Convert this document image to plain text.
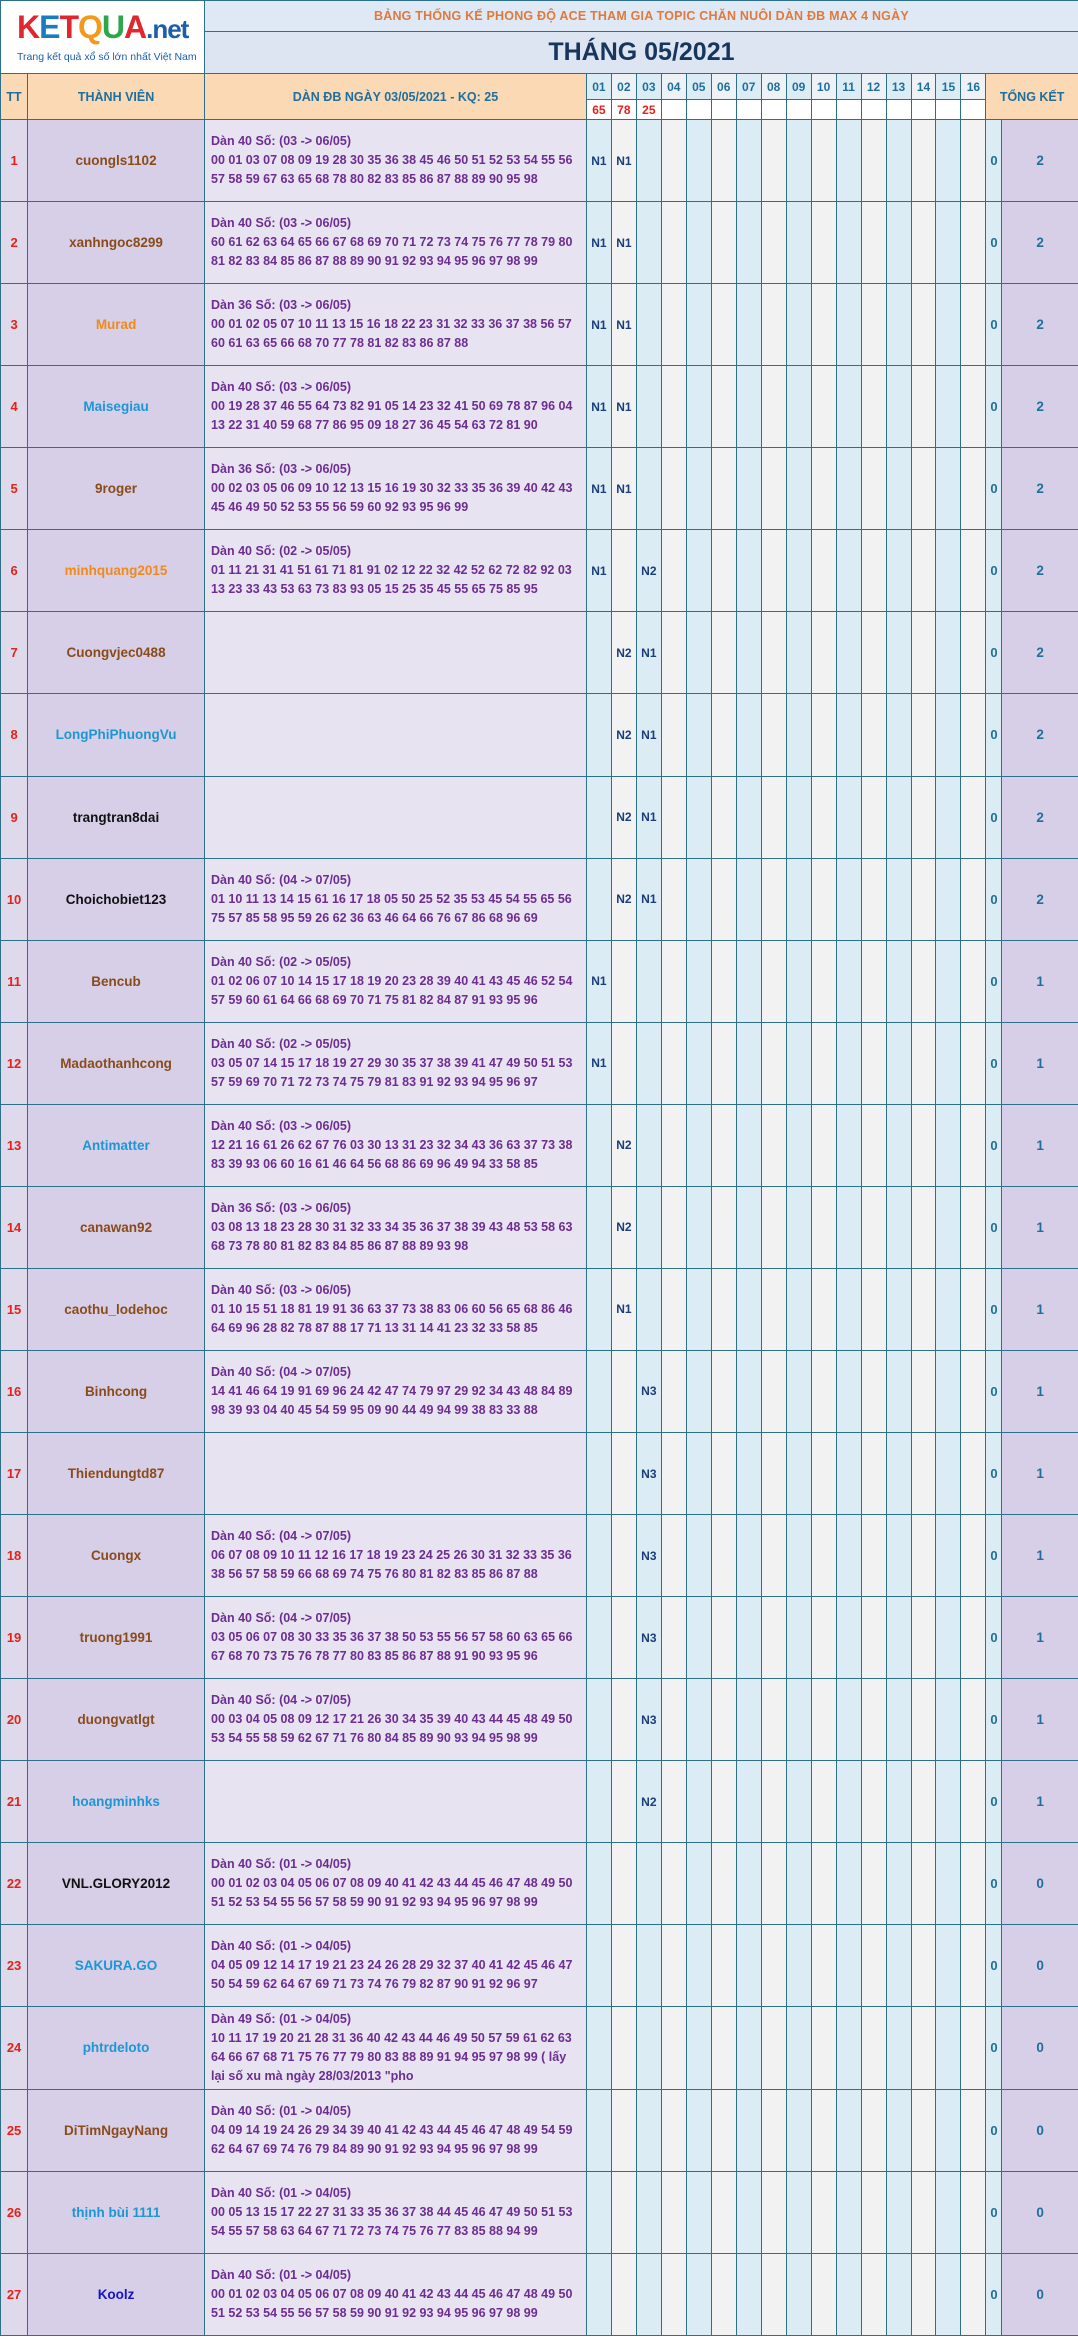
KETQUA.net
Trang kết quả xổ số lớn nhất Việt Nam		BẢNG THỐNG KẾ PHONG ĐỘ ACE THAM GIA TOPIC CHĂN NUÔI DÀN ĐB MAX 4 NGÀY																		
		THÁNG 05/2021																		
TT	THÀNH VIÊN	DÀN ĐB NGÀY 03/05/2021 - KQ: 25	01	02	03	04	05	06	07	08	09	10	11	12	13	14	15	16	TỔNG KẾT	
			65	78	25															
1	cuongls1102	Dàn 40 Số: (03 -> 06/05)
00 01 03 07 08 09 19 28 30 35 36 38 45 46 50 51 52 53 54 55 56 57 58 59 67 63 65 68 78 80 82 83 85 86 87 88 89 90 95 98	N1	N1															0	2
2	xanhngoc8299	Dàn 40 Số: (03 -> 06/05)
60 61 62 63 64 65 66 67 68 69 70 71 72 73 74 75 76 77 78 79 80 81 82 83 84 85 86 87 88 89 90 91 92 93 94 95 96 97 98 99	N1	N1															0	2
3	Murad	Dàn 36 Số: (03 -> 06/05)
00 01 02 05 07 10 11 13 15 16 18 22 23 31 32 33 36 37 38 56 57 60 61 63 65 66 68 70 77 78 81 82 83 86 87 88	N1	N1															0	2
4	Maisegiau	Dàn 40 Số: (03 -> 06/05)
00 19 28 37 46 55 64 73 82 91 05 14 23 32 41 50 69 78 87 96 04 13 22 31 40 59 68 77 86 95 09 18 27 36 45 54 63 72 81 90	N1	N1															0	2
5	9roger	Dàn 36 Số: (03 -> 06/05)
00 02 03 05 06 09 10 12 13 15 16 19 30 32 33 35 36 39 40 42 43 45 46 49 50 52 53 55 56 59 60 92 93 95 96 99	N1	N1															0	2
6	minhquang2015	Dàn 40 Số: (02 -> 05/05)
01 11 21 31 41 51 61 71 81 91 02 12 22 32 42 52 62 72 82 92 03 13 23 33 43 53 63 73 83 93 05 15 25 35 45 55 65 75 85 95	N1		N2														0	2
7	Cuongvjec0488			N2	N1														0	2
8	LongPhiPhuongVu			N2	N1														0	2
9	trangtran8dai			N2	N1														0	2
10	Choichobiet123	Dàn 40 Số: (04 -> 07/05)
01 10 11 13 14 15 61 16 17 18 05 50 25 52 35 53 45 54 55 65 56 75 57 85 58 95 59 26 62 36 63 46 64 66 76 67 86 68 96 69		N2	N1														0	2
11	Bencub	Dàn 40 Số: (02 -> 05/05)
01 02 06 07 10 14 15 17 18 19 20 23 28 39 40 41 43 45 46 52 54 57 59 60 61 64 66 68 69 70 71 75 81 82 84 87 91 93 95 96	N1																0	1
12	Madaothanhcong	Dàn 40 Số: (02 -> 05/05)
03 05 07 14 15 17 18 19 27 29 30 35 37 38 39 41 47 49 50 51 53 57 59 69 70 71 72 73 74 75 79 81 83 91 92 93 94 95 96 97	N1																0	1
13	Antimatter	Dàn 40 Số: (03 -> 06/05)
12 21 16 61 26 62 67 76 03 30 13 31 23 32 34 43 36 63 37 73 38 83 39 93 06 60 16 61 46 64 56 68 86 69 96 49 94 33 58 85		N2															0	1
14	canawan92	Dàn 36 Số: (03 -> 06/05)
03 08 13 18 23 28 30 31 32 33 34 35 36 37 38 39 43 48 53 58 63 68 73 78 80 81 82 83 84 85 86 87 88 89 93 98		N2															0	1
15	caothu_lodehoc	Dàn 40 Số: (03 -> 06/05)
01 10 15 51 18 81 19 91 36 63 37 73 38 83 06 60 56 65 68 86 46 64 69 96 28 82 78 87 88 17 71 13 31 14 41 23 32 33 58 85		N1															0	1
16	Binhcong	Dàn 40 Số: (04 -> 07/05)
14 41 46 64 19 91 69 96 24 42 47 74 79 97 29 92 34 43 48 84 89 98 39 93 04 40 45 54 59 95 09 90 44 49 94 99 38 83 33 88			N3														0	1
17	Thiendungtd87				N3														0	1
18	Cuongx	Dàn 40 Số: (04 -> 07/05)
06 07 08 09 10 11 12 16 17 18 19 23 24 25 26 30 31 32 33 35 36 38 56 57 58 59 66 68 69 74 75 76 80 81 82 83 85 86 87 88			N3														0	1
19	truong1991	Dàn 40 Số: (04 -> 07/05)
03 05 06 07 08 30 33 35 36 37 38 50 53 55 56 57 58 60 63 65 66 67 68 70 73 75 76 78 77 80 83 85 86 87 88 91 90 93 95 96			N3														0	1
20	duongvatlgt	Dàn 40 Số: (04 -> 07/05)
00 03 04 05 08 09 12 17 21 26 30 34 35 39 40 43 44 45 48 49 50 53 54 55 58 59 62 67 71 76 80 84 85 89 90 93 94 95 98 99			N3														0	1
21	hoangminhks				N2														0	1
22	VNL.GLORY2012	Dàn 40 Số: (01 -> 04/05)
00 01 02 03 04 05 06 07 08 09 40 41 42 43 44 45 46 47 48 49 50 51 52 53 54 55 56 57 58 59 90 91 92 93 94 95 96 97 98 99																	0	0
23	SAKURA.GO	Dàn 40 Số: (01 -> 04/05)
04 05 09 12 14 17 19 21 23 24 26 28 29 32 37 40 41 42 45 46 47 50 54 59 62 64 67 69 71 73 74 76 79 82 87 90 91 92 96 97																	0	0
24	phtrdeloto	Dàn 49 Số: (01 -> 04/05)
10 11 17 19 20 21 28 31 36 40 42 43 44 46 49 50 57 59 61 62 63 64 66 67 68 71 75 76 77 79 80 83 88 89 91 94 95 97 98 99 ( lấy lại số xu mà ngày 28/03/2013 "pho																	0	0
25	DiTimNgayNang	Dàn 40 Số: (01 -> 04/05)
04 09 14 19 24 26 29 34 39 40 41 42 43 44 45 46 47 48 49 54 59 62 64 67 69 74 76 79 84 89 90 91 92 93 94 95 96 97 98 99																	0	0
26	thịnh bùi 1111	Dàn 40 Số: (01 -> 04/05)
00 05 13 15 17 22 27 31 33 35 36 37 38 44 45 46 47 49 50 51 53 54 55 57 58 63 64 67 71 72 73 74 75 76 77 83 85 88 94 99																	0	0
27	Koolz	Dàn 40 Số: (01 -> 04/05)
00 01 02 03 04 05 06 07 08 09 40 41 42 43 44 45 46 47 48 49 50 51 52 53 54 55 56 57 58 59 90 91 92 93 94 95 96 97 98 99																	0	0
